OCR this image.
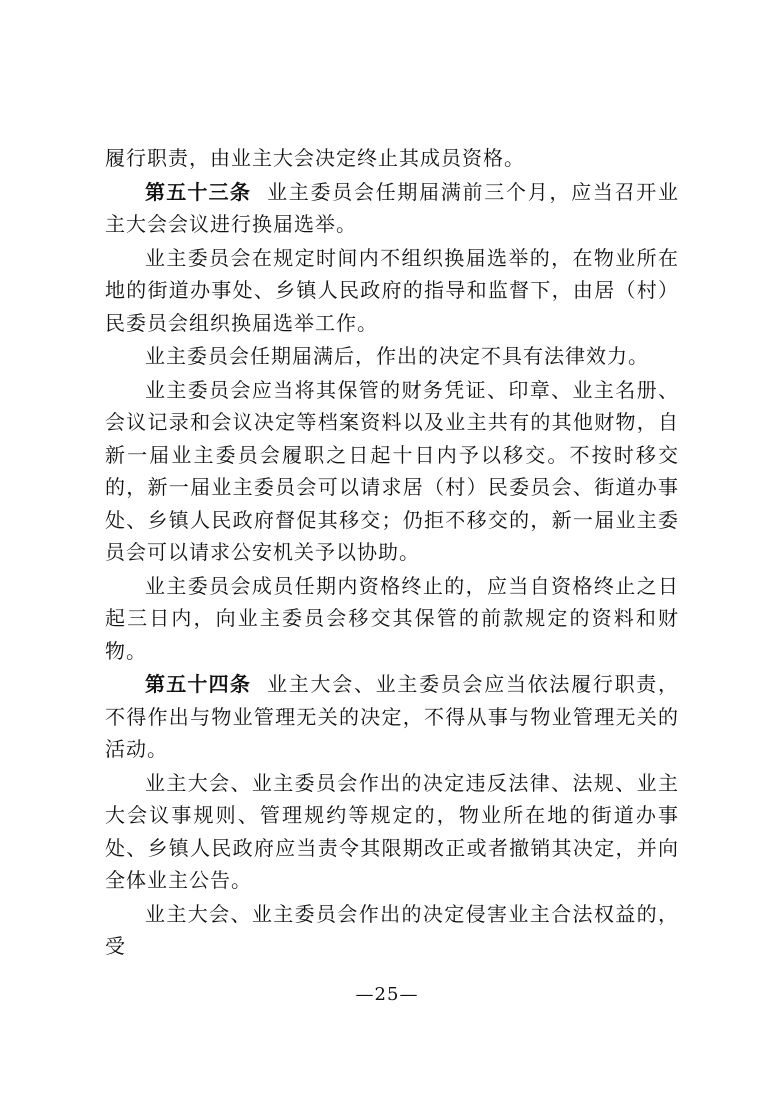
履行职责，由业主大会决定终止其成员资格。

第五十三条 业主委员会任期届满前三个月，应当召开业主大会会议进行换届选举。

业主委员会在规定时间内不组织换届选举的，在物业所在地的街道办事处、乡镇人民政府的指导和监督下，由居（村）民委员会组织换届选举工作。

业主委员会任期届满后，作出的决定不具有法律效力。

业主委员会应当将其保管的财务凭证、印章、业主名册、会议记录和会议决定等档案资料以及业主共有的其他财物，自新一届业主委员会履职之日起十日内予以移交。不按时移交的，新一届业主委员会可以请求居（村）民委员会、街道办事处、乡镇人民政府督促其移交；仍拒不移交的，新一届业主委员会可以请求公安机关予以协助。

业主委员会成员任期内资格终止的，应当自资格终止之日起三日内，向业主委员会移交其保管的前款规定的资料和财物。

第五十四条 业主大会、业主委员会应当依法履行职责，不得作出与物业管理无关的决定，不得从事与物业管理无关的活动。

业主大会、业主委员会作出的决定违反法律、法规、业主大会议事规则、管理规约等规定的，物业所在地的街道办事处、乡镇人民政府应当责令其限期改正或者撤销其决定，并向全体业主公告。

业主大会、业主委员会作出的决定侵害业主合法权益的，受

—25—
